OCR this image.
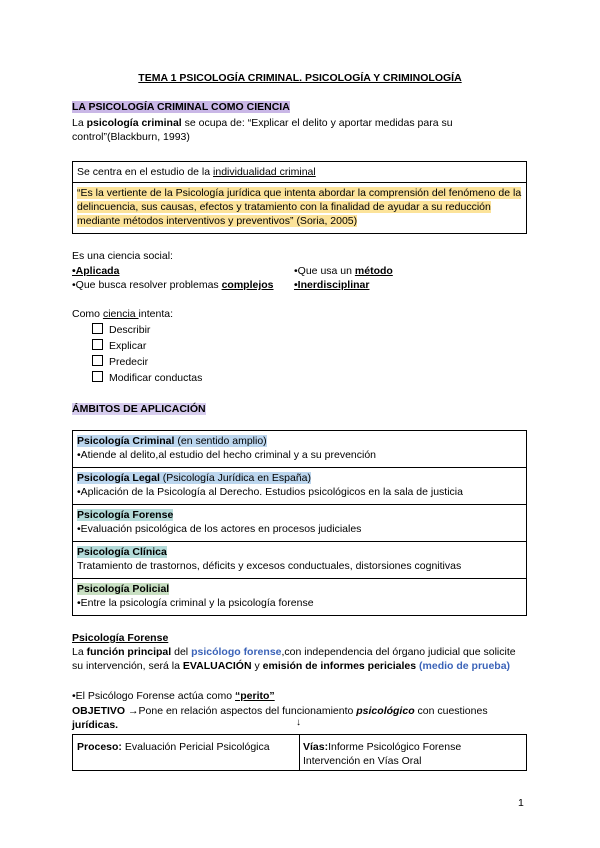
TEMA 1 PSICOLOGÍA CRIMINAL. PSICOLOGÍA Y CRIMINOLOGÍA
LA PSICOLOGÍA CRIMINAL COMO CIENCIA
La psicología criminal se ocupa de: “Explicar el delito y aportar medidas para su control”(Blackburn, 1993)
Se centra en el estudio de la individualidad criminal
“Es la vertiente de la Psicología jurídica que intenta abordar la comprensión del fenómeno de la delincuencia, sus causas, efectos y tratamiento con la finalidad de ayudar a su reducción mediante métodos interventivos y preventivos” (Soria, 2005)
Es una ciencia social:
•Aplicada	•Que usa un método
•Que busca resolver problemas complejos •Inerdisciplinar
Como ciencia intenta:
Describir
Explicar
Predecir
Modificar conductas
ÁMBITOS DE APLICACIÓN
Psicología Criminal (en sentido amplio)
•Atiende al delito,al estudio del hecho criminal y a su prevención
Psicología Legal (Psicología Jurídica en España)
•Aplicación de la Psicología al Derecho. Estudios psicológicos en la sala de justicia
Psicología Forense
•Evaluación psicológica de los actores en procesos judiciales
Psicología Clínica
Tratamiento de trastornos, déficits y excesos conductuales, distorsiones cognitivas
Psicología Policial
•Entre la psicología criminal y la psicología forense
Psicología Forense
La función principal del psicólogo forense,con independencia del órgano judicial que solicite su intervención, será la EVALUACIÓN y emisión de informes periciales (medio de prueba)
•El Psicólogo Forense actúa como “perito”
OBJETIVO →Pone en relación aspectos del funcionamiento psicológico con cuestiones jurídicas.	↓
Proceso: Evaluación Pericial Psicológica	Vías:Informe Psicológico Forense
Intervención en Vías Oral
1
